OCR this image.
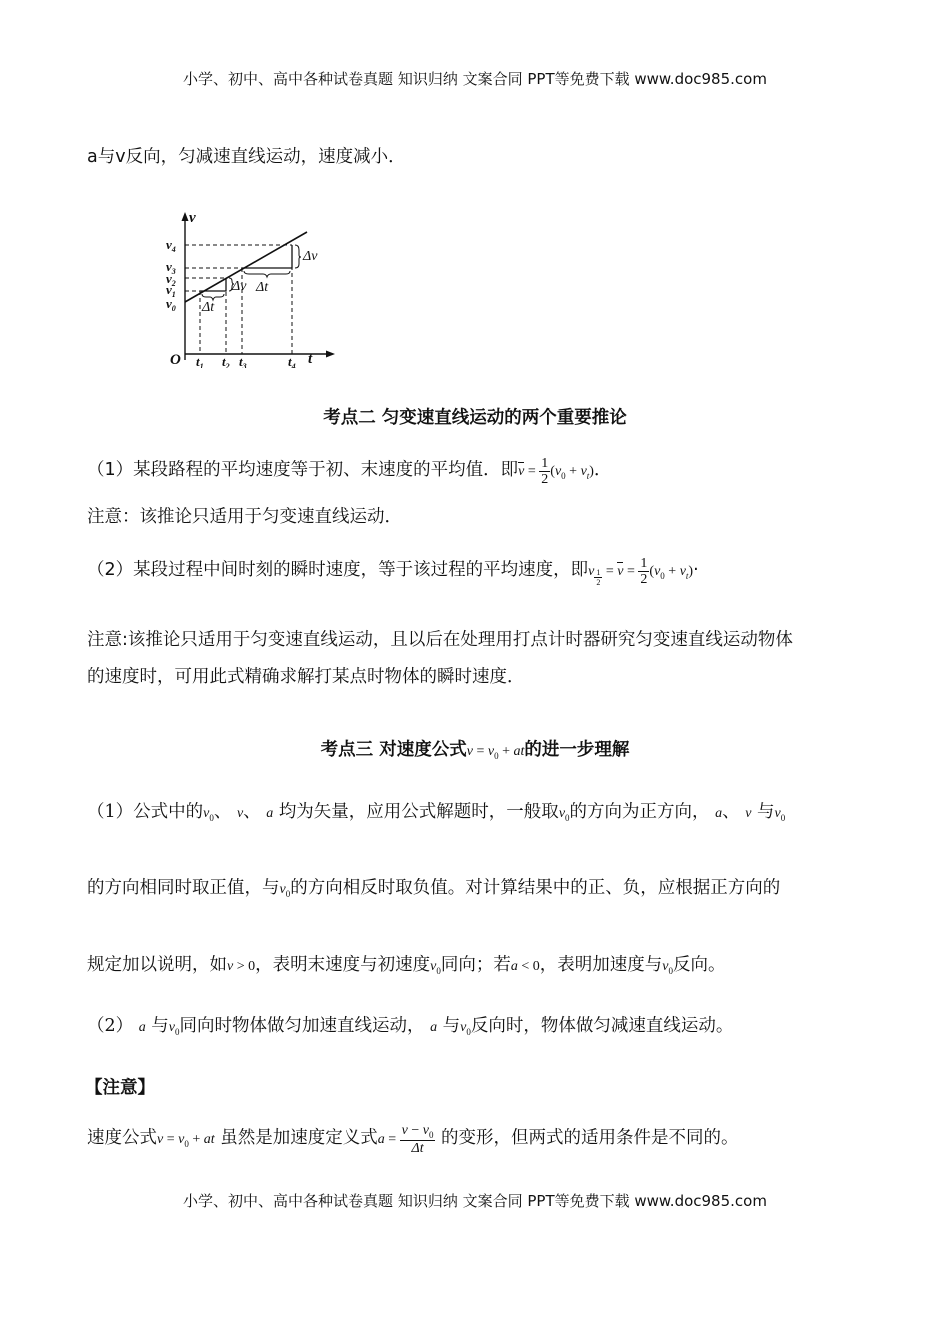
小学、初中、高中各种试卷真题 知识归纳 文案合同 PPT等免费下载 www.doc985.com
a与v反向，匀减速直线运动，速度减小．
v
t
O
$v_4$
$v_3$
$v_2$
$v_1$
$v_0$
$t_1$ $t_2$ $t_3$	$t_4$
Δv
Δt
Δv
Δt
考点二 匀变速直线运动的两个重要推论
（1）某段路程的平均速度等于初、末速度的平均值．即$v = \frac{1}{2} (v_0 + v_t)$．
注意：该推论只适用于匀变速直线运动．
（2）某段过程中间时刻的瞬时速度，等于该过程的平均速度，即v $\frac{1}{2} = v = \frac{1}{2} (v_0 + v_t)\cdot$
注意:该推论只适用于匀变速直线运动，且以后在处理用打点计时器研究匀变速直线运动物体
的速度时，可用此式精确求解打某点时物体的瞬时速度．
考点三 对速度公式$v = v_0$ + at的进一步理解
（1）公式中的$v_0$、 v、 a 均为矢量，应用公式解题时，一般取$v_0$的方向为正方向， a、 v 与$v_0$
的方向相同时取正值，与$v_0$的方向相反时取负值。对计算结果中的正、负，应根据正方向的
规定加以说明，如v > 0，表明末速度与初速度$v_0$同向；若a < 0，表明加速度与$v_0$反向。
（2） a 与$v_0$同向时物体做匀加速直线运动， a 与$v_0$反向时，物体做匀减速直线运动。
【注意】
速度公式$v = v_0$ + at 虽然是加速度定义式$a = \frac{v - v_0}{\Delta t}$ 的变形，但两式的适用条件是不同的。
小学、初中、高中各种试卷真题 知识归纳 文案合同 PPT等免费下载 www.doc985.com
